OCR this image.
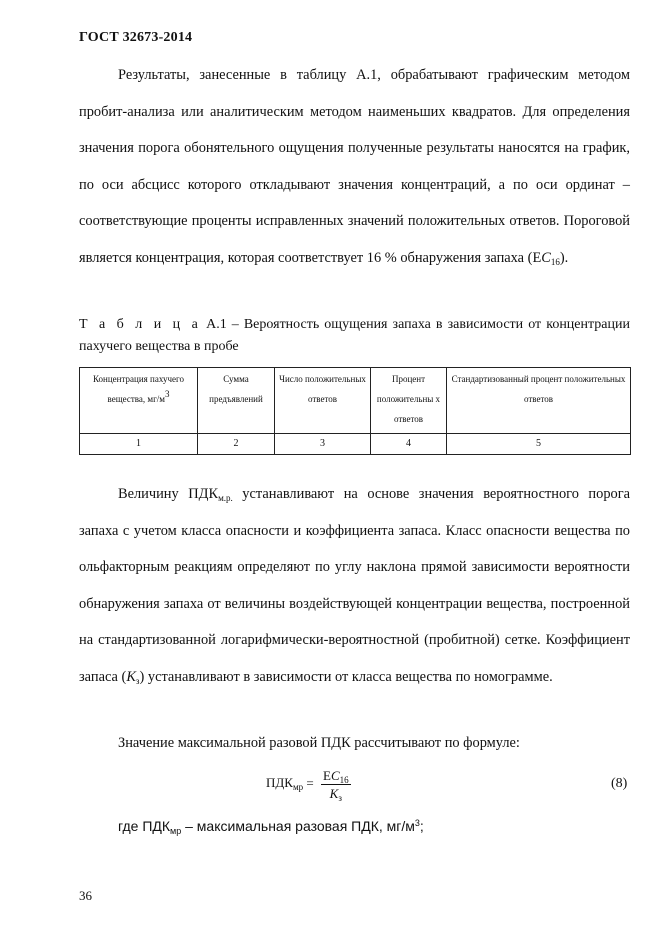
ГОСТ 32673-2014

Результаты, занесенные в таблицу А.1, обрабатывают графическим методом пробит-анализа или аналитическим методом наименьших квадратов. Для определения значения порога обонятельного ощущения полученные результаты наносятся на график, по оси абсцисс которого откладывают значения концентраций, а по оси ординат – соответствующие проценты исправленных значений положительных ответов. Пороговой является концентрация, которая соответствует 16 % обнаружения запаха $(EC_{16})$.

Т а б л и ц а А.1 – Вероятность ощущения запаха в зависимости от концентрации пахучего вещества в пробе
Концентрация пахучего вещества, $мг/м^3$	Сумма предъявлений	Число положительных ответов	Процент положительны х ответов	Стандартизованный процент положительных ответов
1	2	3	4	5

Величину $ПДК_{м.р.}$ устанавливают на основе значения вероятностного порога запаха с учетом класса опасности и коэффициента запаса. Класс опасности вещества по ольфакторным реакциям определяют по углу наклона прямой зависимости вероятности обнаружения запаха от величины воздействующей концентрации вещества, построенной на стандартизованной логарифмически-вероятностной (пробитной) сетке. Коэффициент запаса $(K_з)$ устанавливают в зависимости от класса вещества по номограмме.

Значение максимальной разовой ПДК рассчитывают по формуле:

$ПДК_{мр} = \frac{EC_{16}}{K_з}$	(8)
где $ПДК_{мр}$ – максимальная разовая ПДК, $мг/м^3$;
36
